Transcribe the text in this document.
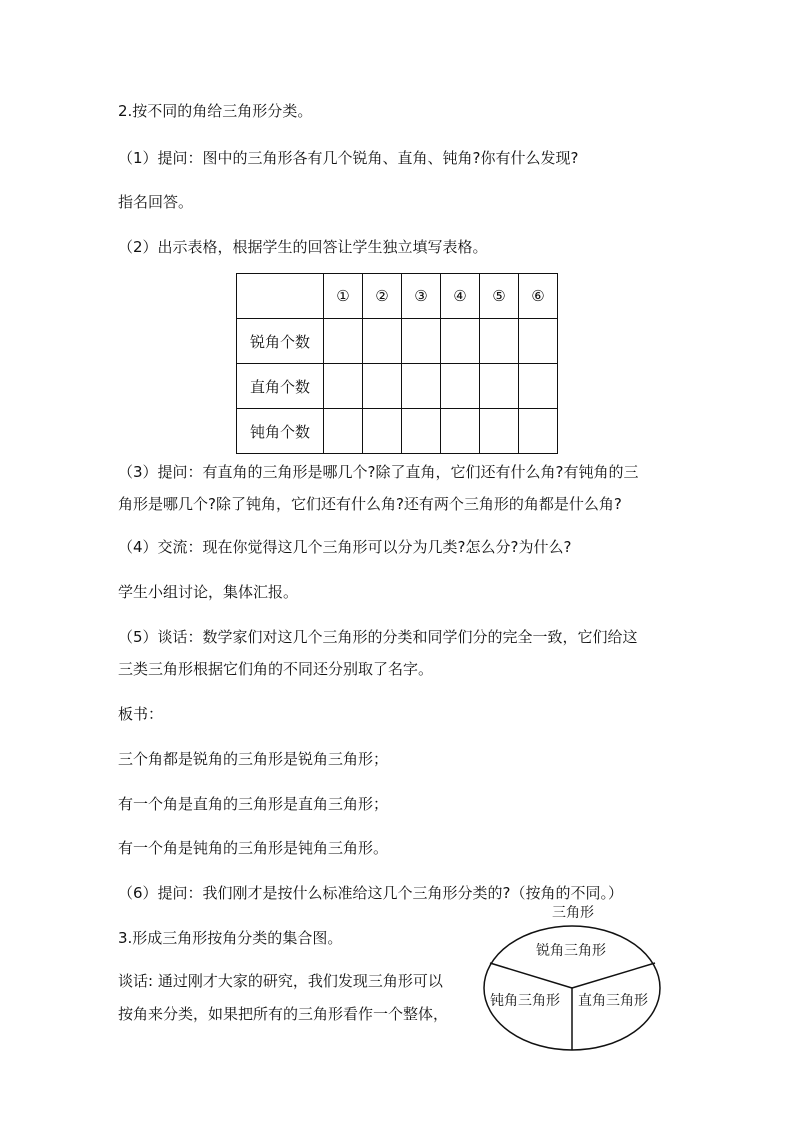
2.按不同的角给三角形分类。
（1）提问：图中的三角形各有几个锐角、直角、钝角?你有什么发现?
指名回答。
（2）出示表格，根据学生的回答让学生独立填写表格。
	①	②	③	④	⑤	⑥
锐角个数						
直角个数						
钝角个数						
（3）提问：有直角的三角形是哪几个?除了直角，它们还有什么角?有钝角的三
角形是哪几个?除了钝角，它们还有什么角?还有两个三角形的角都是什么角?
（4）交流：现在你觉得这几个三角形可以分为几类?怎么分?为什么?
学生小组讨论，集体汇报。
（5）谈话：数学家们对这几个三角形的分类和同学们分的完全一致，它们给这
三类三角形根据它们角的不同还分别取了名字。
板书：
三个角都是锐角的三角形是锐角三角形；
有一个角是直角的三角形是直角三角形；
有一个角是钝角的三角形是钝角三角形。
（6）提问：我们刚才是按什么标准给这几个三角形分类的?（按角的不同。）
3.形成三角形按角分类的集合图。
谈话: 通过刚才大家的研究，我们发现三角形可以
按角来分类，如果把所有的三角形看作一个整体，
三角形
锐角三角形
钝角三角形 直角三角形
